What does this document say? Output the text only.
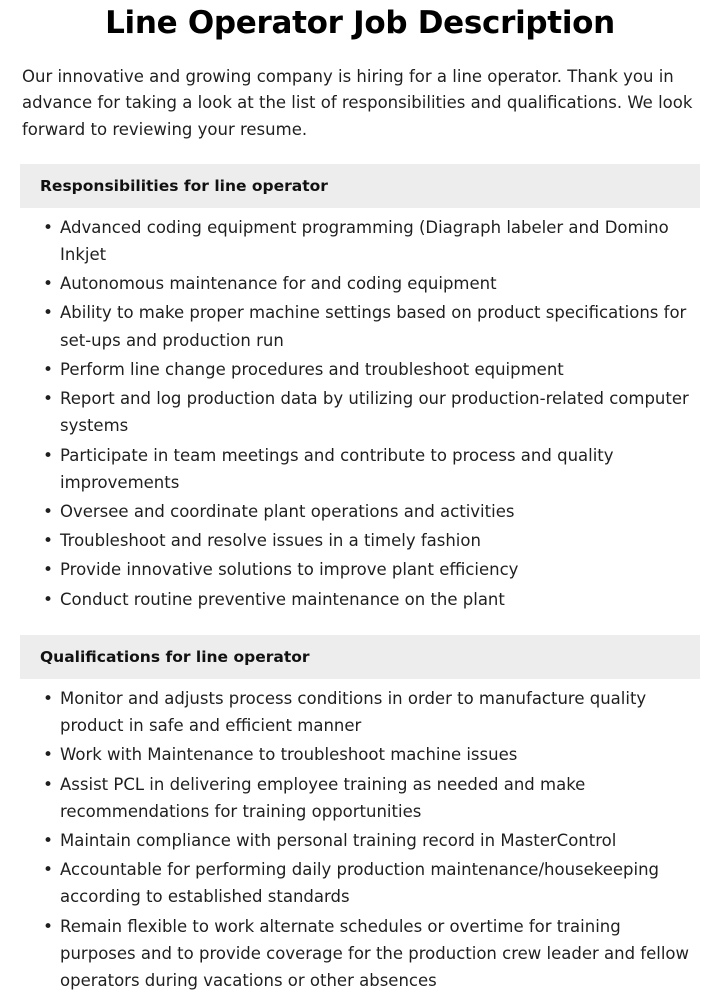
Line Operator Job Description

Our innovative and growing company is hiring for a line operator. Thank you in advance for taking a look at the list of responsibilities and qualifications. We look forward to reviewing your resume.

Responsibilities for line operator
• Advanced coding equipment programming (Diagraph labeler and Domino Inkjet
• Autonomous maintenance for and coding equipment
• Ability to make proper machine settings based on product specifications for set-ups and production run
• Perform line change procedures and troubleshoot equipment
• Report and log production data by utilizing our production-related computer systems
• Participate in team meetings and contribute to process and quality improvements
• Oversee and coordinate plant operations and activities
• Troubleshoot and resolve issues in a timely fashion
• Provide innovative solutions to improve plant efficiency
• Conduct routine preventive maintenance on the plant
Qualifications for line operator
• Monitor and adjusts process conditions in order to manufacture quality product in safe and efficient manner
• Work with Maintenance to troubleshoot machine issues
• Assist PCL in delivering employee training as needed and make recommendations for training opportunities
• Maintain compliance with personal training record in MasterControl
• Accountable for performing daily production maintenance/housekeeping according to established standards
• Remain flexible to work alternate schedules or overtime for training purposes and to provide coverage for the production crew leader and fellow operators during vacations or other absences
